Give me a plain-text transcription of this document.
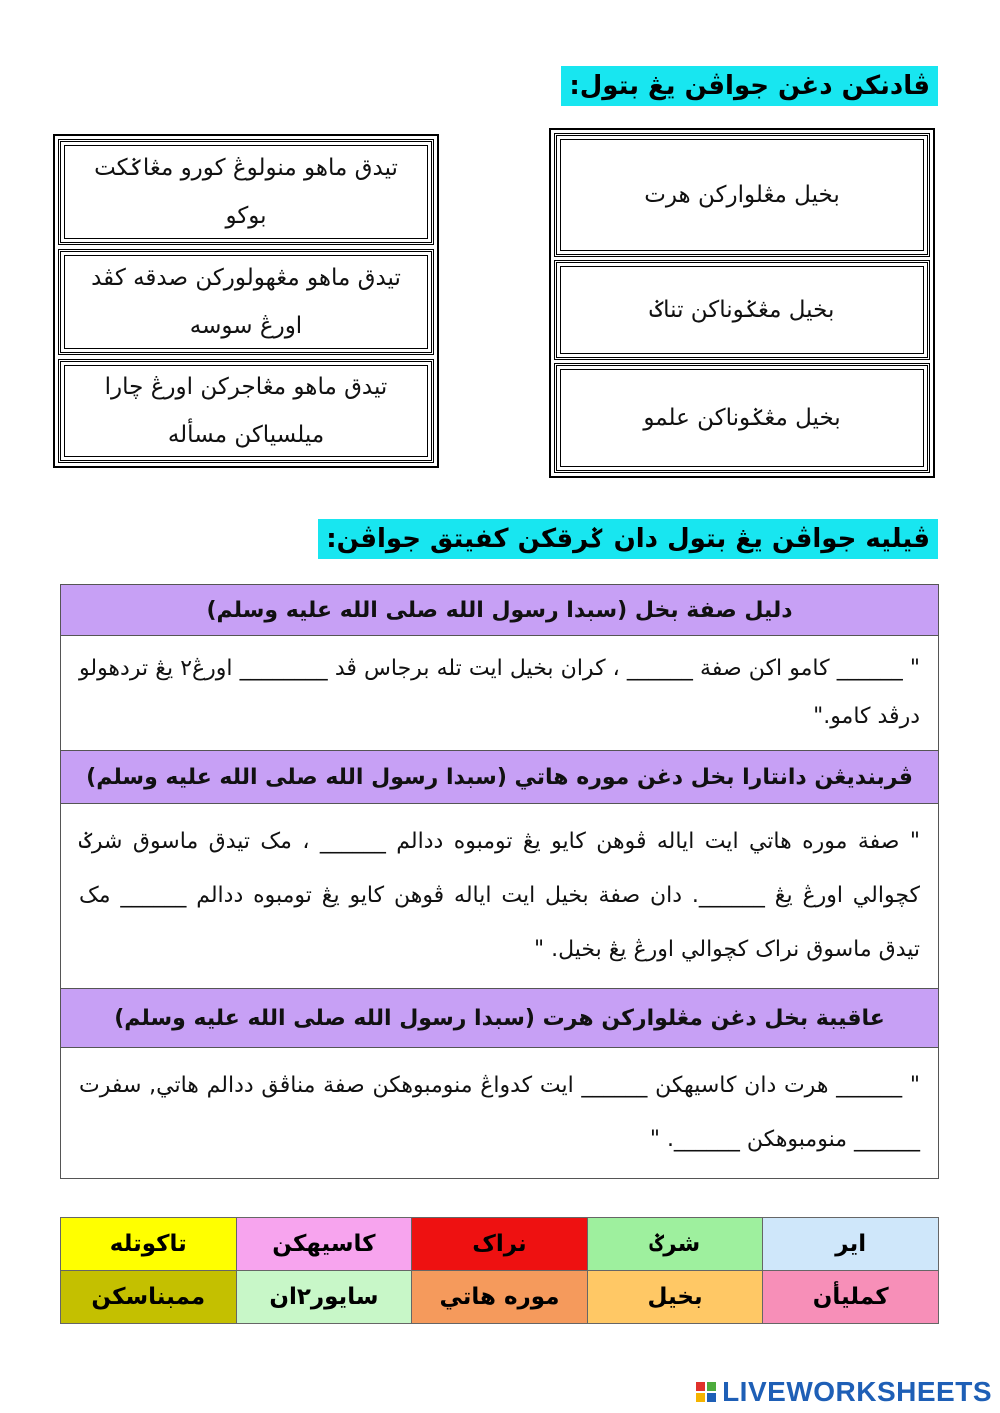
ڤادنکن دغن جواڤن يڠ بتول:
تيدق ماهو منولوڠ کورو مڠاݢکت بوکو
تيدق ماهو مڠهولورکن صدقه کڤد اورڠ سوسه
تيدق ماهو مڠاجرکن اورڠ چارا ميلسياکن مسأله
بخيل مڠلوارکن هرت
بخيل مڠݢوناکن تناݢ
بخيل مڠݢوناکن علمو
ڤيليه جواڤن يڠ بتول دان ݢرقکن کفيتق جواڤن:
دليل صفة بخل (سبدا رسول الله صلى الله عليه وسلم)

" ______ کامو اکن صفة ______ ، کران بخيل ايت تله برجاس ڤد ________ اورڠ٢ يڠ تردهولو درڤد کامو."

ڤربنديڠن دانتارا بخل دغن موره هاتي (سبدا رسول الله صلى الله عليه وسلم)

" صفة موره هاتي ايت اياله ڤوهن کايو يڠ تومبوه ددالم ______ ، مک تيدق ماسوق شرݢ کچوالي اورڠ يڠ ______. دان صفة بخيل ايت اياله ڤوهن کايو يڠ تومبوه ددالم ______ مک تيدق ماسوق نراک کچوالي اورڠ يڠ بخيل. "

عاقيبة بخل دغن مڠلوارکن هرت (سبدا رسول الله صلى الله عليه وسلم)

" ______ هرت دان کاسيهکن ______ ايت کدواڠ منومبوهکن صفة مناڤق ددالم هاتي, سفرت ______ منومبوهکن ______. "

تاکوتله	کاسيهکن	نراک	شرݢ	اير
ممبناسکن	سايور٢ان	موره هاتي	بخيل	کمليأن
LIVEWORKSHEETS
